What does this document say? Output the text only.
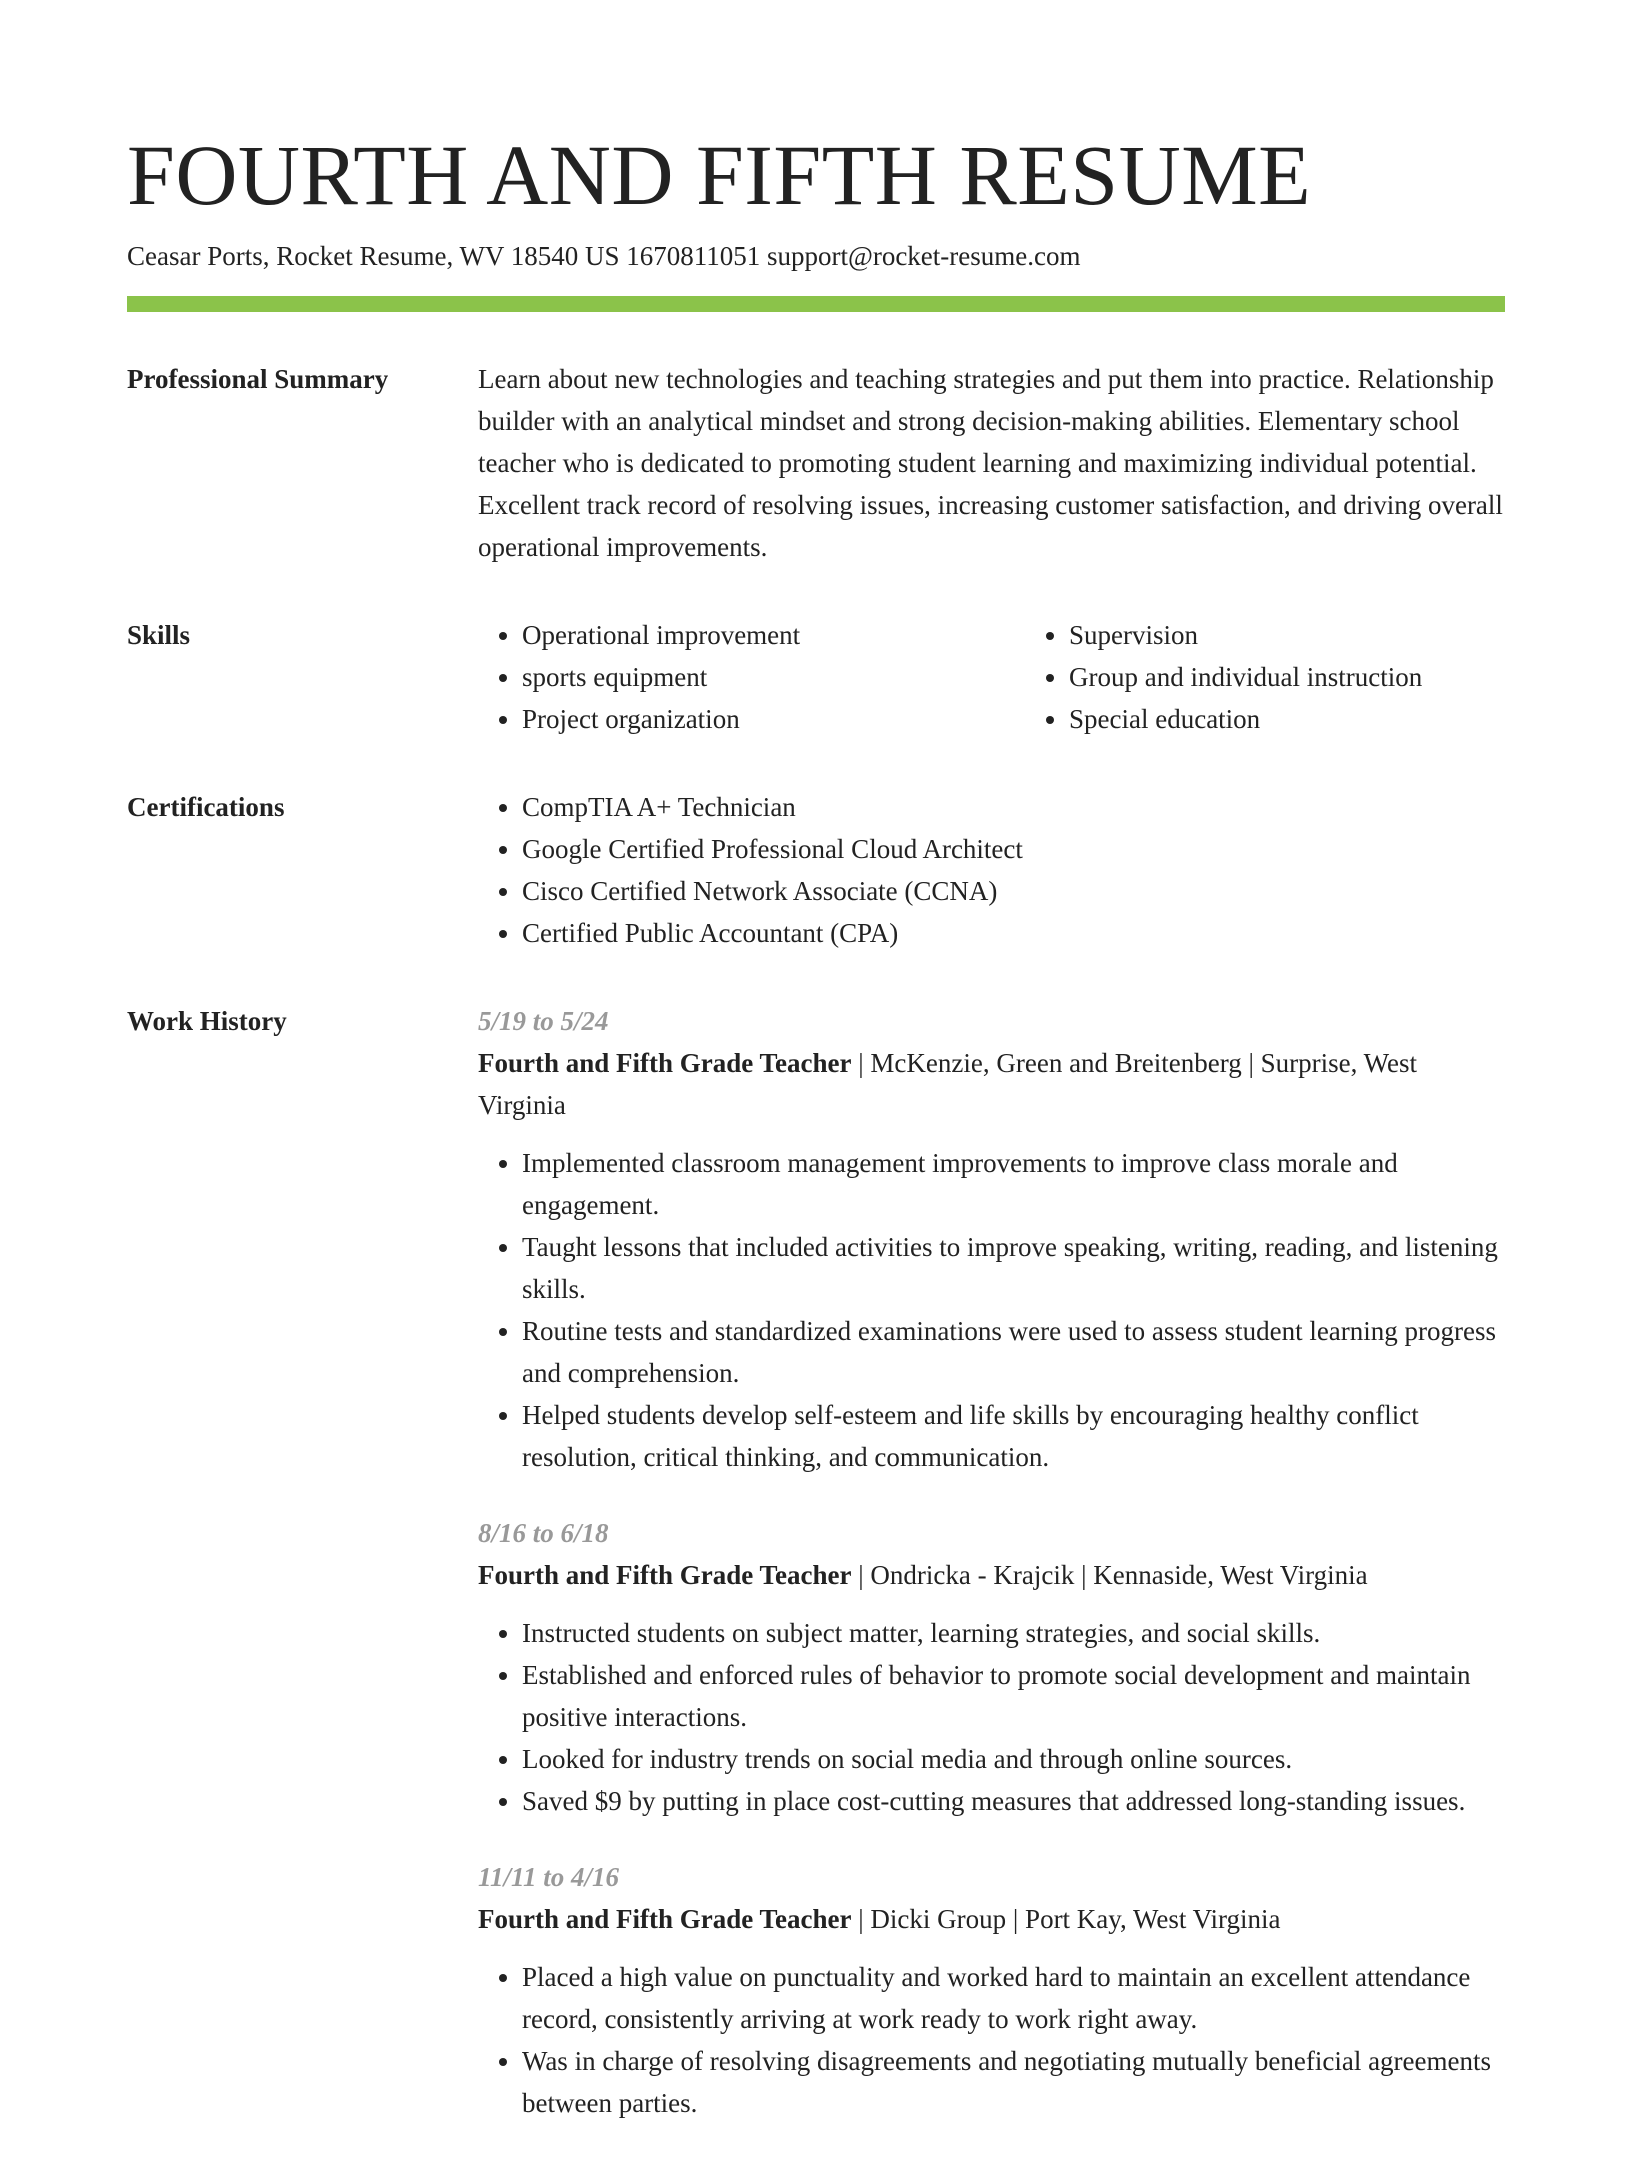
FOURTH AND FIFTH RESUME
Ceasar Ports, Rocket Resume, WV 18540 US 1670811051 support@rocket-resume.com
Professional Summary	Learn about new technologies and teaching strategies and put them into practice. Relationship builder with an analytical mindset and strong decision-making abilities. Elementary school teacher who is dedicated to promoting student learning and maximizing individual potential. Excellent track record of resolving issues, increasing customer satisfaction, and driving overall operational improvements.

Skills	• Operational improvement
• sports equipment
• Project organization
• Supervision
• Group and individual instruction
• Special education
Certifications	• CompTIA A+ Technician
• Google Certified Professional Cloud Architect
• Cisco Certified Network Associate (CCNA)
• Certified Public Accountant (CPA)
Work History	5/19 to 5/24
Fourth and Fifth Grade Teacher | McKenzie, Green and Breitenberg | Surprise, West Virginia
• Implemented classroom management improvements to improve class morale and engagement.
• Taught lessons that included activities to improve speaking, writing, reading, and listening skills.
• Routine tests and standardized examinations were used to assess student learning progress and comprehension.
• Helped students develop self-esteem and life skills by encouraging healthy conflict resolution, critical thinking, and communication.
8/16 to 6/18
Fourth and Fifth Grade Teacher | Ondricka - Krajcik | Kennaside, West Virginia
• Instructed students on subject matter, learning strategies, and social skills.
• Established and enforced rules of behavior to promote social development and maintain positive interactions.
• Looked for industry trends on social media and through online sources.
• Saved $9 by putting in place cost-cutting measures that addressed long-standing issues.
11/11 to 4/16
Fourth and Fifth Grade Teacher | Dicki Group | Port Kay, West Virginia
• Placed a high value on punctuality and worked hard to maintain an excellent attendance record, consistently arriving at work ready to work right away.
• Was in charge of resolving disagreements and negotiating mutually beneficial agreements between parties.
